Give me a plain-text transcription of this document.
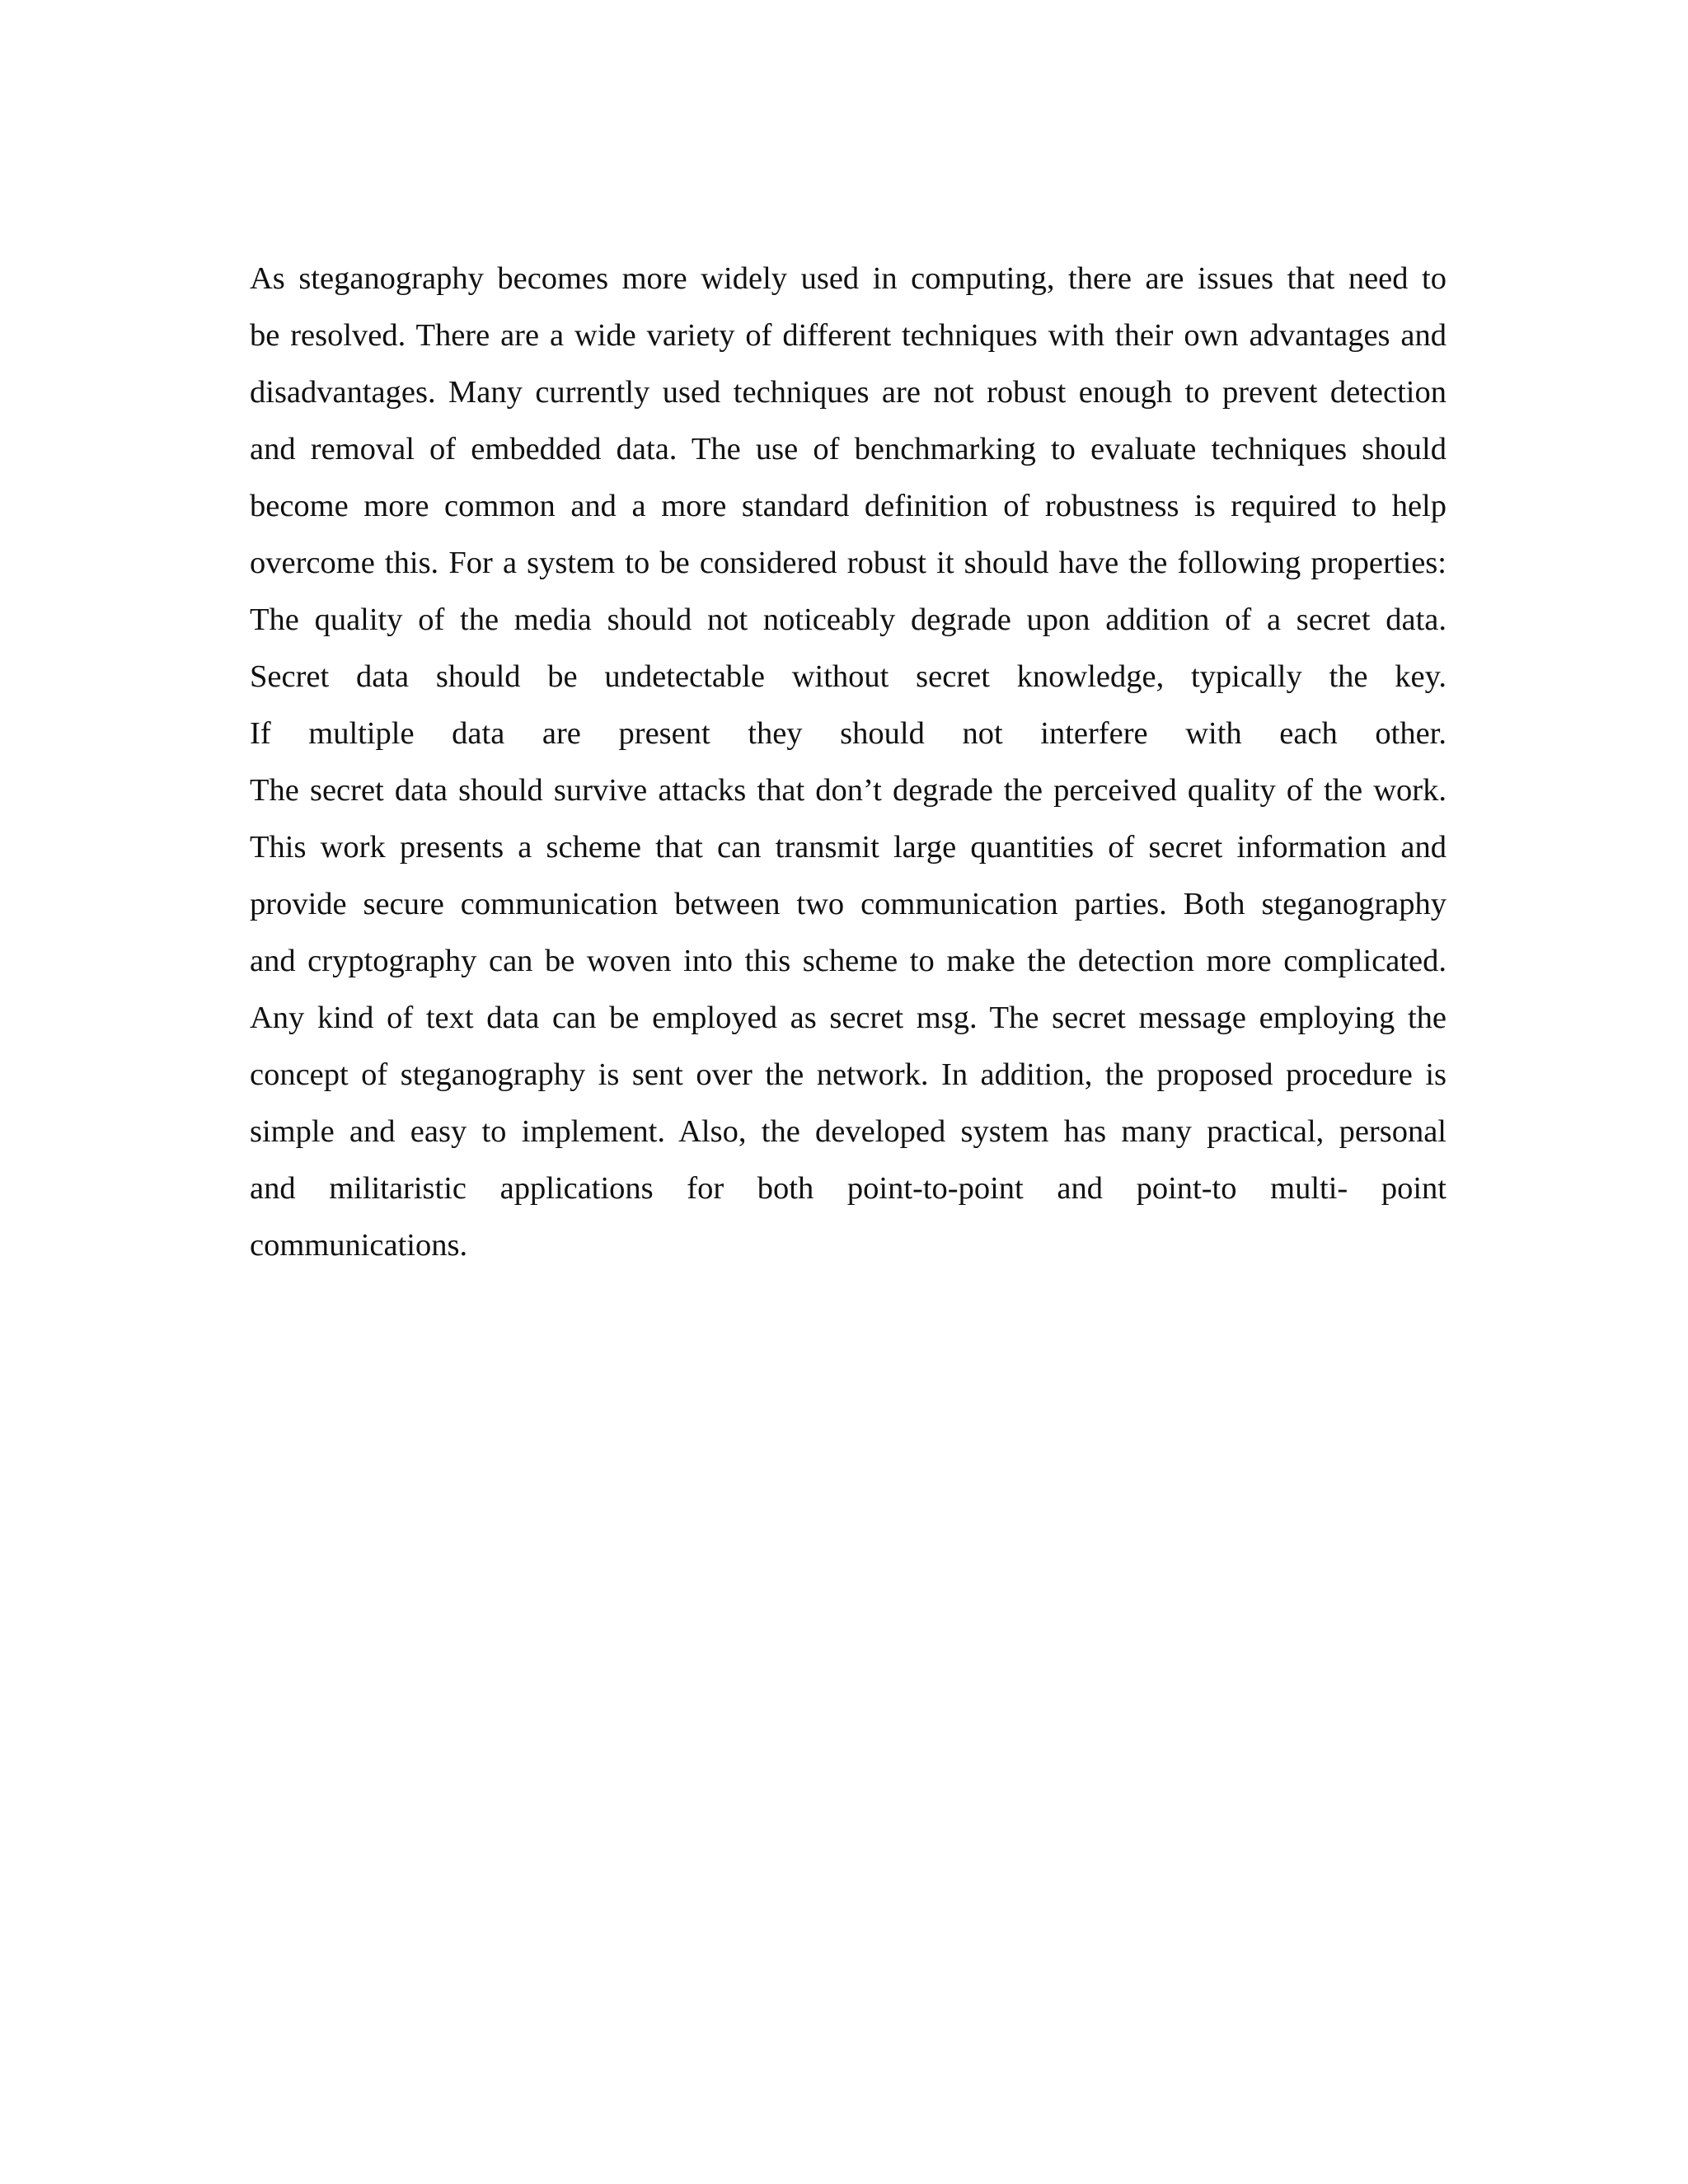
As steganography becomes more widely used in computing, there are issues that need to
be resolved. There are a wide variety of different techniques with their own advantages and
disadvantages. Many currently used techniques are not robust enough to prevent detection
and removal of embedded data. The use of benchmarking to evaluate techniques should
become more common and a more standard definition of robustness is required to help
overcome this. For a system to be considered robust it should have the following properties:
The quality of the media should not noticeably degrade upon addition of a secret data.
Secret data should be undetectable without secret knowledge, typically the key.
If multiple data are present they should not interfere with each other.
The secret data should survive attacks that don’t degrade the perceived quality of the work.
This work presents a scheme that can transmit large quantities of secret information and
provide secure communication between two communication parties. Both steganography
and cryptography can be woven into this scheme to make the detection more complicated.
Any kind of text data can be employed as secret msg. The secret message employing the
concept of steganography is sent over the network. In addition, the proposed procedure is
simple and easy to implement. Also, the developed system has many practical, personal
and militaristic applications for both point-to-point and point-to multi- point
communications.
